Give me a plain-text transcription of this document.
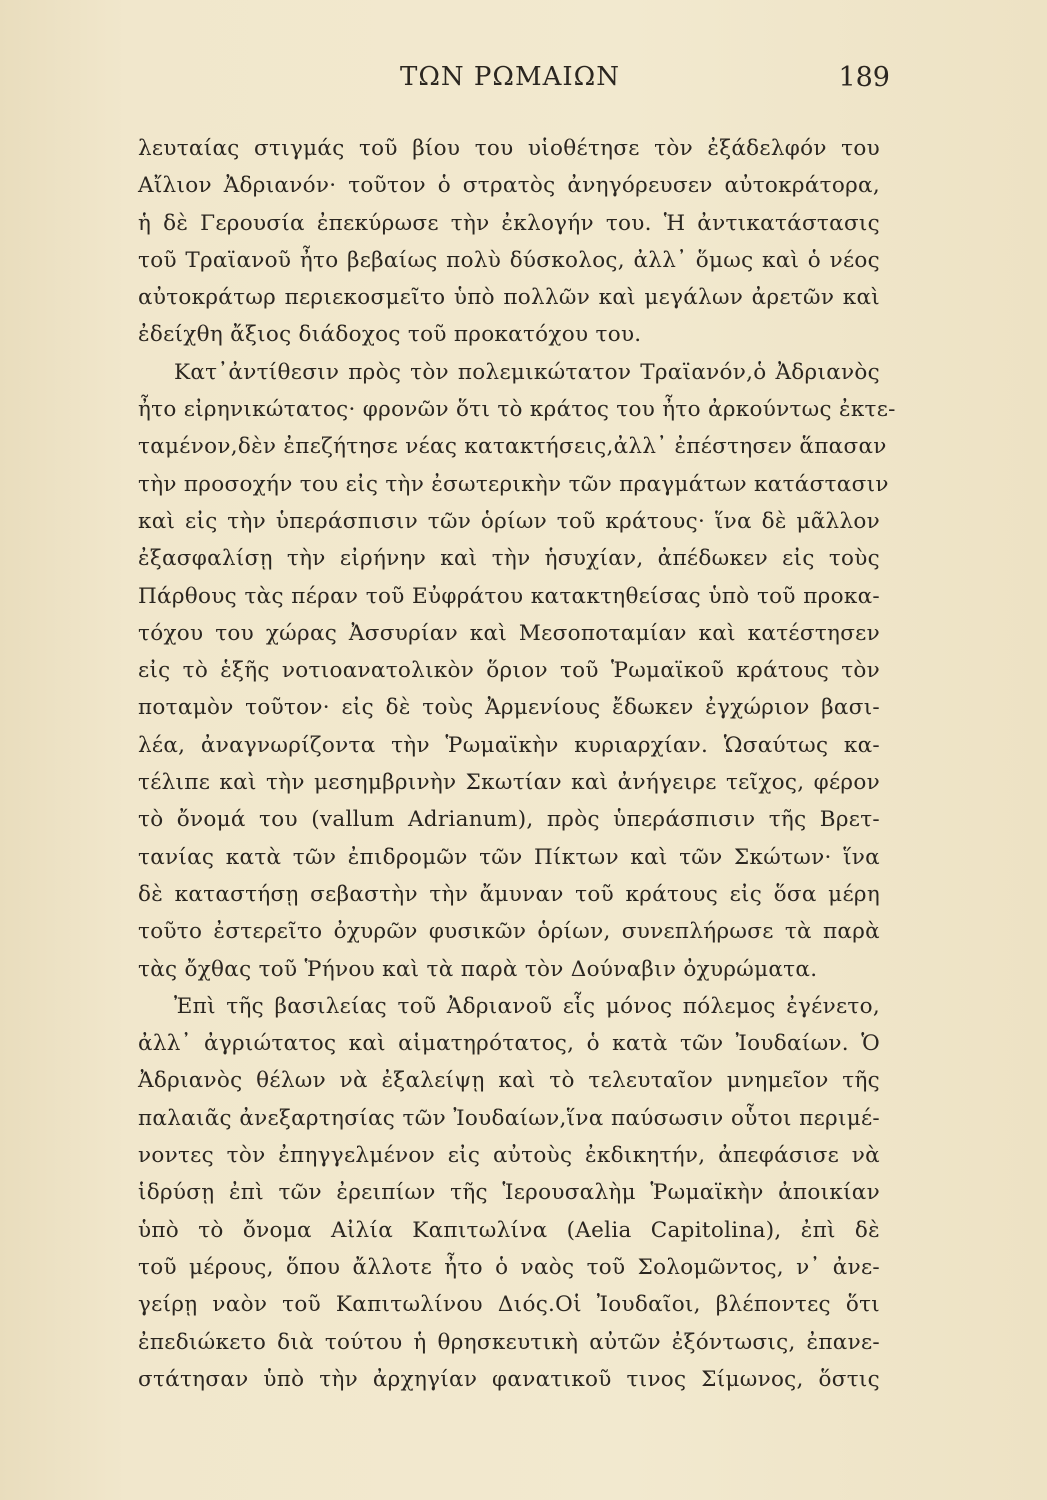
ΤΩΝ ΡΩΜΑΙΩΝ	189
λευταίας στιγμάς τοῦ βίου του υἱοθέτησε τὸν ἐξάδελφόν του
Αἴλιον Ἀδριανόν· τοῦτον ὁ στρατὸς ἀνηγόρευσεν αὐτοκράτορα,
ἡ δὲ Γερουσία ἐπεκύρωσε τὴν ἐκλογήν του. Ἡ ἀντικατάστασις
τοῦ Τραϊανοῦ ἦτο βεβαίως πολὺ δύσκολος, ἀλλ᾽ ὅμως καὶ ὁ νέος
αὐτοκράτωρ περιεκοσμεῖτο ὑπὸ πολλῶν καὶ μεγάλων ἀρετῶν καὶ
ἐδείχθη ἄξιος διάδοχος τοῦ προκατόχου του.
Κατ᾽ἀντίθεσιν πρὸς τὸν πολεμικώτατον Τραϊανόν,ὁ Ἀδριανὸς
ἦτο εἰρηνικώτατος· φρονῶν ὅτι τὸ κράτος του ἦτο ἀρκούντως ἐκτε-
ταμένον,δὲν ἐπεζήτησε νέας κατακτήσεις,ἀλλ᾽ ἐπέστησεν ἅπασαν
τὴν προσοχήν του εἰς τὴν ἐσωτερικὴν τῶν πραγμάτων κατάστασιν
καὶ εἰς τὴν ὑπεράσπισιν τῶν ὁρίων τοῦ κράτους· ἵνα δὲ μᾶλλον
ἐξασφαλίσῃ τὴν εἰρήνην καὶ τὴν ἡσυχίαν, ἀπέδωκεν εἰς τοὺς
Πάρθους τὰς πέραν τοῦ Εὐφράτου κατακτηθείσας ὑπὸ τοῦ προκα-
τόχου του χώρας Ἀσσυρίαν καὶ Μεσοποταμίαν καὶ κατέστησεν
εἰς τὸ ἑξῆς νοτιοανατολικὸν ὅριον τοῦ Ῥωμαϊκοῦ κράτους τὸν
ποταμὸν τοῦτον· εἰς δὲ τοὺς Ἀρμενίους ἔδωκεν ἐγχώριον βασι-
λέα, ἀναγνωρίζοντα τὴν Ῥωμαϊκὴν κυριαρχίαν. Ὡσαύτως κα-
τέλιπε καὶ τὴν μεσημβρινὴν Σκωτίαν καὶ ἀνήγειρε τεῖχος, φέρον
τὸ ὄνομά του (vallum Adrianum), πρὸς ὑπεράσπισιν τῆς Βρετ-
τανίας κατὰ τῶν ἐπιδρομῶν τῶν Πίκτων καὶ τῶν Σκώτων· ἵνα
δὲ καταστήσῃ σεβαστὴν τὴν ἄμυναν τοῦ κράτους εἰς ὅσα μέρη
τοῦτο ἐστερεῖτο ὀχυρῶν φυσικῶν ὁρίων, συνεπλήρωσε τὰ παρὰ
τὰς ὄχθας τοῦ Ῥήνου καὶ τὰ παρὰ τὸν Δούναβιν ὀχυρώματα.
Ἐπὶ τῆς βασιλείας τοῦ Ἀδριανοῦ εἷς μόνος πόλεμος ἐγένετο,
ἀλλ᾽ ἀγριώτατος καὶ αἱματηρότατος, ὁ κατὰ τῶν Ἰουδαίων. Ὁ
Ἀδριανὸς θέλων νὰ ἐξαλείψῃ καὶ τὸ τελευταῖον μνημεῖον τῆς
παλαιᾶς ἀνεξαρτησίας τῶν Ἰουδαίων,ἵνα παύσωσιν οὗτοι περιμέ-
νοντες τὸν ἐπηγγελμένον εἰς αὐτοὺς ἐκδικητήν, ἀπεφάσισε νὰ
ἱδρύσῃ ἐπὶ τῶν ἐρειπίων τῆς Ἱερουσαλὴμ Ῥωμαϊκὴν ἀποικίαν
ὑπὸ τὸ ὄνομα Αἰλία Καπιτωλίνα (Aelia Capitolina), ἐπὶ δὲ
τοῦ μέρους, ὅπου ἄλλοτε ἦτο ὁ ναὸς τοῦ Σολομῶντος, ν᾽ ἀνε-
γείρῃ ναὸν τοῦ Καπιτωλίνου Διός.Οἱ Ἰουδαῖοι, βλέποντες ὅτι
ἐπεδιώκετο διὰ τούτου ἡ θρησκευτικὴ αὐτῶν ἐξόντωσις, ἐπανε-
στάτησαν ὑπὸ τὴν ἀρχηγίαν φανατικοῦ τινος Σίμωνος, ὅστις
